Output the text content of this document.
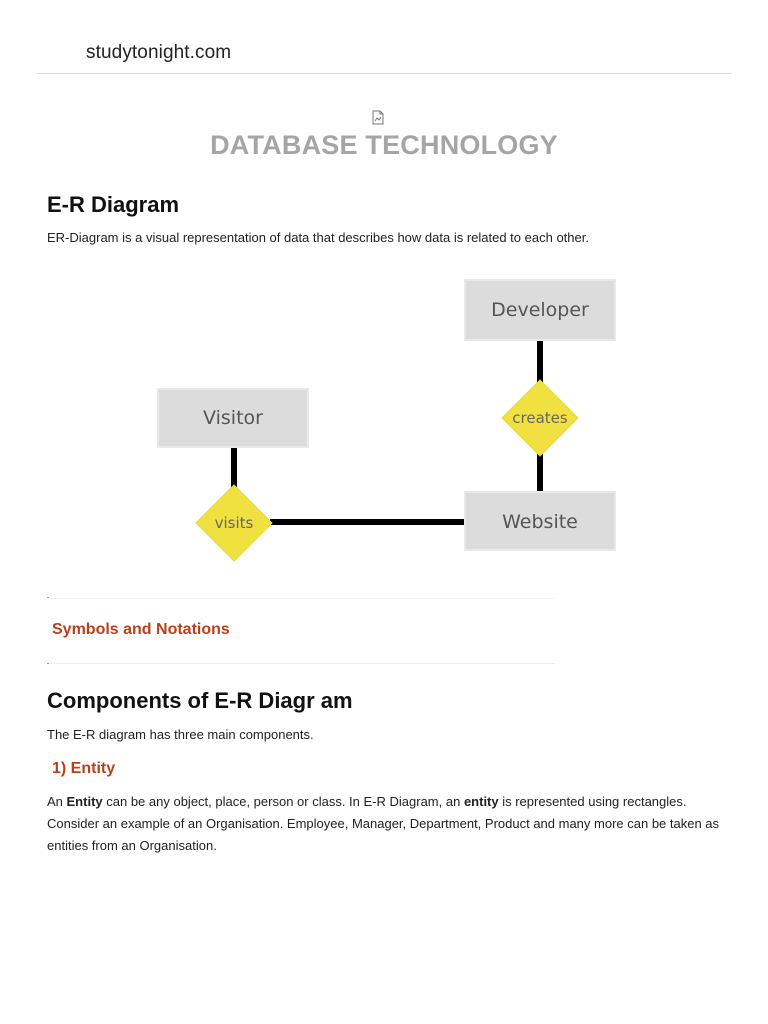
studytonight.com
DATABASE TECHNOLOGY
E-R Diagram
ER-Diagram is a visual representation of data that describes how data is related to each other.
Developer
Visitor
Website
creates
visits
Symbols and Notations
Components of E-R Diagr am
The E-R diagram has three main components.
1) Entity
An Entity can be any object, place, person or class. In E-R Diagram, an entity is represented using rectangles. Consider an example of an Organisation. Employee, Manager, Department, Product and many more can be taken as entities from an Organisation.
